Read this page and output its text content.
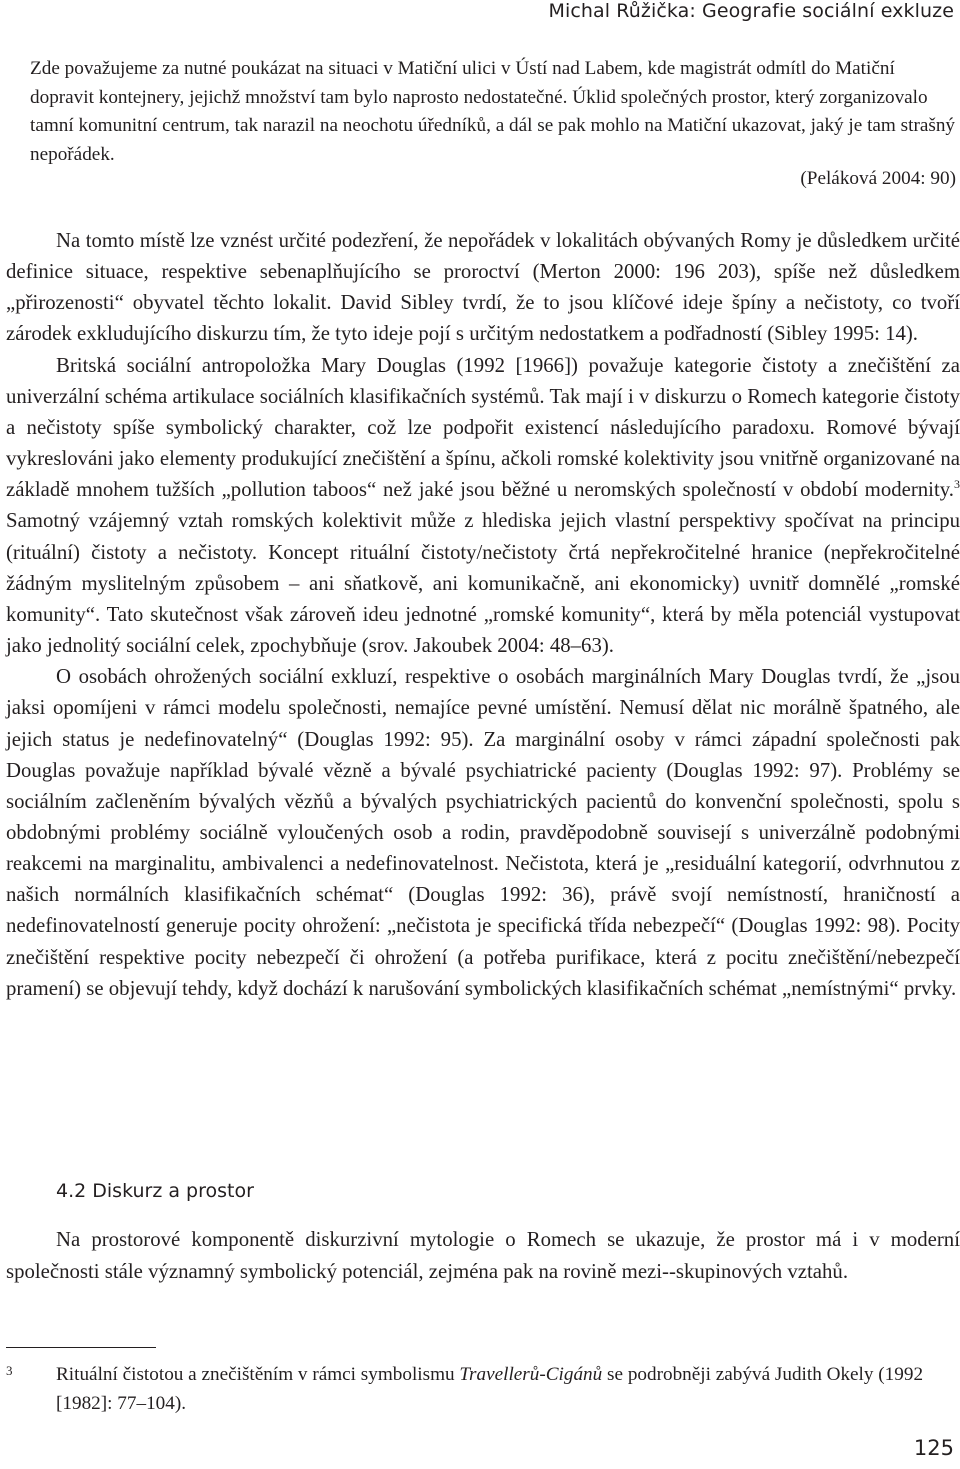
Michal Růžička: Geografie sociální exkluze

Zde považujeme za nutné poukázat na situaci v Matiční ulici v Ústí nad Labem, kde magistrát odmítl do Matiční dopravit kontejnery, jejichž množství tam bylo naprosto nedostatečné. Úklid společných prostor, který zorganizovalo tamní komunitní centrum, tak narazil na neochotu úředníků, a dál se pak mohlo na Matiční ukazovat, jaký je tam strašný nepořádek.

(Peláková 2004: 90)

Na tomto místě lze vznést určité podezření, že nepořádek v lokalitách obývaných Romy je důsledkem určité definice situace, respektive sebenaplňujícího se proroctví (Merton 2000: 196 203), spíše než důsledkem „přirozenosti“ obyvatel těchto lokalit. David Sibley tvrdí, že to jsou klíčové ideje špíny a nečistoty, co tvoří zárodek exkludujícího diskurzu tím, že tyto ideje pojí s určitým nedostatkem a podřadností (Sibley 1995: 14).

Britská sociální antropoložka Mary Douglas (1992 [1966]) považuje kategorie čistoty a znečištění za univerzální schéma artikulace sociálních klasifikačních systémů. Tak mají i v diskurzu o Romech kategorie čistoty a nečistoty spíše symbolický charakter, což lze podpořit existencí následujícího paradoxu. Romové bývají vykreslováni jako elementy produkující znečištění a špínu, ačkoli romské kolektivity jsou vnitřně organizované na základě mnohem tužších „pollution taboos“ než jaké jsou běžné u neromských společností v období modernity.$^3$ Samotný vzájemný vztah romských kolektivit může z hlediska jejich vlastní perspektivy spočívat na principu (rituální) čistoty a nečistoty. Koncept rituální čistoty/nečistoty črtá nepřekročitelné hranice (nepřekročitelné žádným myslitelným způsobem – ani sňatkově, ani komunikačně, ani ekonomicky) uvnitř domnělé „romské komunity“. Tato skutečnost však zároveň ideu jednotné „romské komunity“, která by měla potenciál vystupovat jako jednolitý sociální celek, zpochybňuje (srov. Jakoubek 2004: 48–63).

O osobách ohrožených sociální exkluzí, respektive o osobách marginálních Mary Douglas tvrdí, že „jsou jaksi opomíjeni v rámci modelu společnosti, nemajíce pevné umístění. Nemusí dělat nic morálně špatného, ale jejich status je nedefinovatelný“ (Douglas 1992: 95). Za marginální osoby v rámci západní společnosti pak Douglas považuje například bývalé vězně a bývalé psychiatrické pacienty (Douglas 1992: 97). Problémy se sociálním začleněním bývalých vězňů a bývalých psychiatrických pacientů do konvenční společnosti, spolu s obdobnými problémy sociálně vyloučených osob a rodin, pravděpodobně souvisejí s univerzálně podobnými reakcemi na marginalitu, ambivalenci a nedefinovatelnost. Nečistota, která je „residuální kategorií, odvrhnutou z našich normálních klasifikačních schémat“ (Douglas 1992: 36), právě svojí nemístností, hraničností a nedefinovatelností generuje pocity ohrožení: „nečistota je specifická třída nebezpečí“ (Douglas 1992: 98). Pocity znečištění respektive pocity nebezpečí či ohrožení (a potřeba purifikace, která z pocitu znečištění/nebezpečí pramení) se objevují tehdy, když dochází k narušování symbolických klasifikačních schémat „nemístnými“ prvky.

4.2 Diskurz a prostor

Na prostorové komponentě diskurzivní mytologie o Romech se ukazuje, že prostor má i v moderní společnosti stále významný symbolický potenciál, zejména pak na rovině mezi--skupinových vztahů.

3 Rituální čistotou a znečištěním v rámci symbolismu Travellerů-Cigánů se podrobněji zabývá Judith Okely (1992 [1982]: 77–104).
125
